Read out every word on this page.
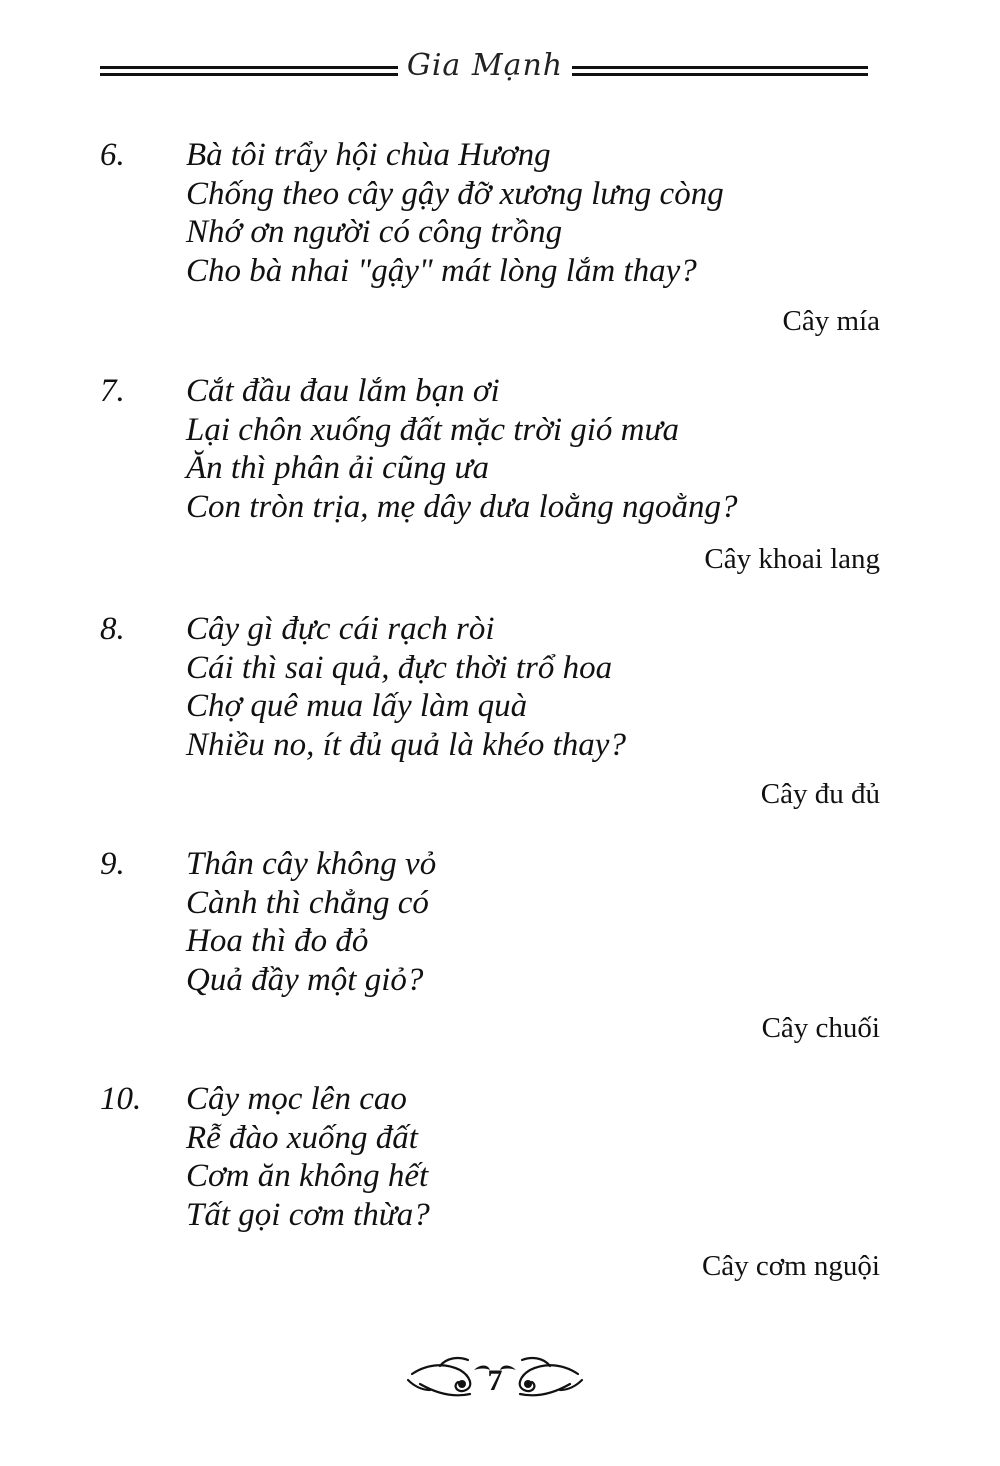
Gia Mạnh
6. Bà tôi trẩy hội chùa Hương
Chống theo cây gậy đỡ xương lưng còng
Nhớ ơn người có công trồng
Cho bà nhai "gậy" mát lòng lắm thay?
Cây mía
7. Cắt đầu đau lắm bạn ơi
Lại chôn xuống đất mặc trời gió mưa
Ăn thì phân ải cũng ưa
Con tròn trịa, mẹ dây dưa loằng ngoằng?
Cây khoai lang
8. Cây gì đực cái rạch ròi
Cái thì sai quả, đực thời trổ hoa
Chợ quê mua lấy làm quà
Nhiều no, ít đủ quả là khéo thay?
Cây đu đủ
9. Thân cây không vỏ
Cành thì chẳng có
Hoa thì đo đỏ
Quả đầy một giỏ?
Cây chuối
10. Cây mọc lên cao
Rễ đào xuống đất
Cơm ăn không hết
Tất gọi cơm thừa?
Cây cơm nguội
7
